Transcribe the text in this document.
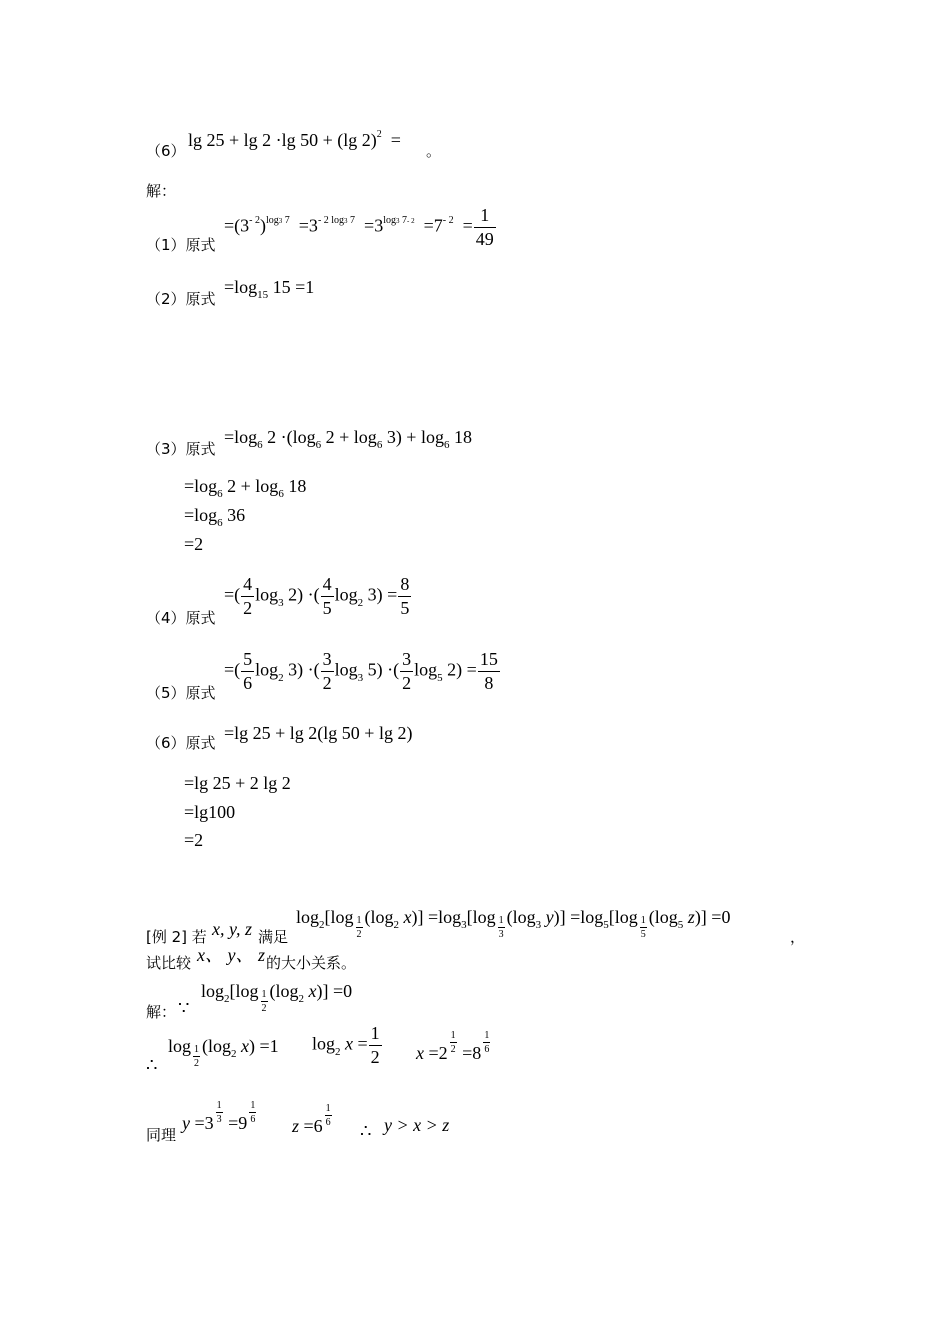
（6）
lg 25 + lg 2 ·lg 50 + (lg 2)$^2$  =
。
解：
（1）原式
$=(3^{- 2})^{log3 7} =3^{- 2 log3 7} =3^{log3 7- 2} =7^{- 2} = \frac{1}{49}$
（2）原式
$=\log_{15}$ 15 =1
（3）原式
$=\log_6$ $2 \cdot(\log_6$ $2 + \log_6 3) + \log_6 18$
$=\log_6$ $2 + \log_6 18$
$=\log_6$ 36
=2
（4）原式
=( $\frac{4}{2} \log_3 2$) ·( $\frac{4}{5} \log_2 3) = \frac{8}{5}$
（5）原式
=( $\frac{5}{6} \log_2 3$) ·( $\frac{3}{2} \log_3 5$) ·( $\frac{3}{2} \log_5 2) = \frac{15}{8}$
（6）原式 =lg 25 + lg 2(lg 50 + lg 2)
=lg 25 + 2 lg 2
=lg100
=2
$\log_2[\log \frac{1}{2} (\log_2$ $x)] =\log_3[\log \frac{1}{3} (\log_3$ $y)] =\log_5[\log \frac{1}{5} (\log_5$ z)] =0
[例 2] 若 x, y, z 满足	，
试比较 x、 y、 z 的大小关系。
$\log_2[\log \frac{1}{2} (\log_2$ x)] =0
解： ∵
$\log \frac{1}{2} (\log_2$ x) =1 $\log_2 x = \frac{1}{2}$ $x =2 \frac{1}{2} =8 \frac{1}{6}$
∴
同理
$y =3 \frac{1}{3} =9 \frac{1}{6}$
$z =6 \frac{1}{6}$
∴ y > x > z
